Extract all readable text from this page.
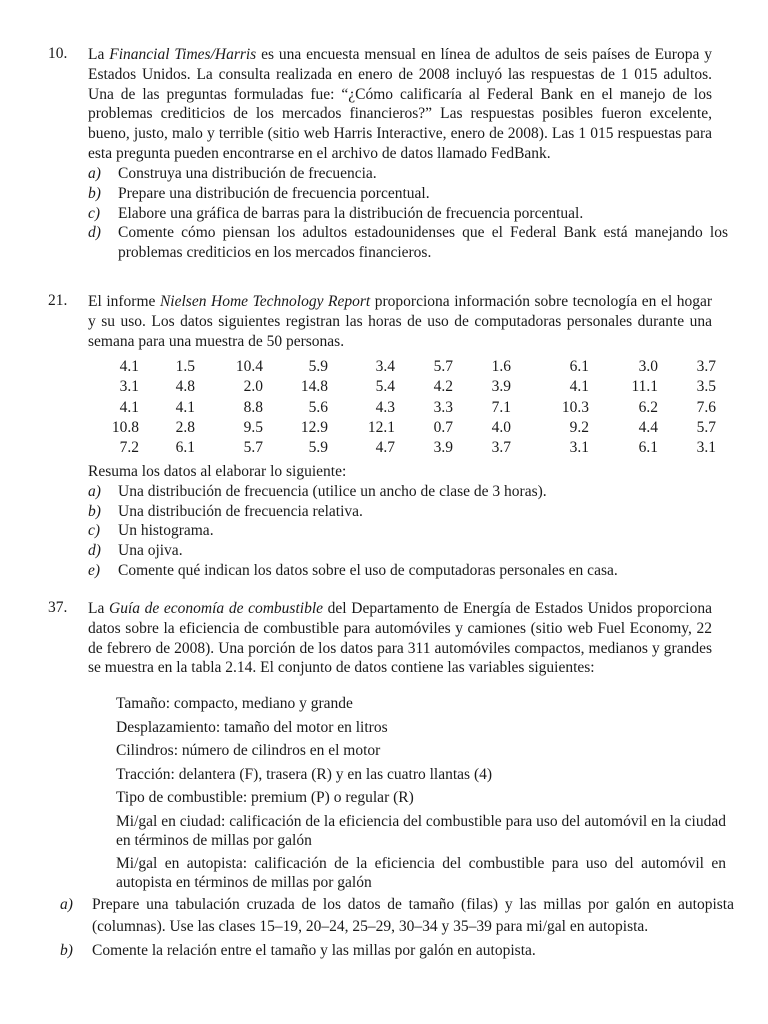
10. La Financial Times/Harris es una encuesta mensual en línea de adultos de seis países de Europa y Estados Unidos. La consulta realizada en enero de 2008 incluyó las respuestas de 1 015 adultos. Una de las preguntas formuladas fue: “¿Cómo calificaría al Federal Bank en el manejo de los problemas crediticios de los mercados financieros?” Las respuestas posibles fueron excelente, bueno, justo, malo y terrible (sitio web Harris Interactive, enero de 2008). Las 1 015 respuestas para esta pregunta pueden encontrarse en el archivo de datos llamado FedBank.
a) Construya una distribución de frecuencia.
b) Prepare una distribución de frecuencia porcentual.
c) Elabore una gráfica de barras para la distribución de frecuencia porcentual.
d) Comente cómo piensan los adultos estadounidenses que el Federal Bank está manejando los problemas crediticios en los mercados financieros.
21. El informe Nielsen Home Technology Report proporciona información sobre tecnología en el hogar y su uso. Los datos siguientes registran las horas de uso de computadoras personales durante una semana para una muestra de 50 personas.
4.1	1.5	10.4	5.9	3.4	5.7	1.6	6.1	3.0	3.7
3.1	4.8	2.0	14.8	5.4	4.2	3.9	4.1	11.1	3.5
4.1	4.1	8.8	5.6	4.3	3.3	7.1	10.3	6.2	7.6
10.8	2.8	9.5	12.9	12.1	0.7	4.0	9.2	4.4	5.7
7.2	6.1	5.7	5.9	4.7	3.9	3.7	3.1	6.1	3.1
Resuma los datos al elaborar lo siguiente:
a) Una distribución de frecuencia (utilice un ancho de clase de 3 horas).
b) Una distribución de frecuencia relativa.
c) Un histograma.
d) Una ojiva.
e) Comente qué indican los datos sobre el uso de computadoras personales en casa.
37. La Guía de economía de combustible del Departamento de Energía de Estados Unidos proporciona datos sobre la eficiencia de combustible para automóviles y camiones (sitio web Fuel Economy, 22 de febrero de 2008). Una porción de los datos para 311 automóviles compactos, medianos y grandes se muestra en la tabla 2.14. El conjunto de datos contiene las variables siguientes:
Tamaño: compacto, mediano y grande
Desplazamiento: tamaño del motor en litros
Cilindros: número de cilindros en el motor
Tracción: delantera (F), trasera (R) y en las cuatro llantas (4)
Tipo de combustible: premium (P) o regular (R)
Mi/gal en ciudad: calificación de la eficiencia del combustible para uso del automóvil en la ciudad en términos de millas por galón
Mi/gal en autopista: calificación de la eficiencia del combustible para uso del automóvil en autopista en términos de millas por galón
a) Prepare una tabulación cruzada de los datos de tamaño (filas) y las millas por galón en autopista (columnas). Use las clases 15–19, 20–24, 25–29, 30–34 y 35–39 para mi/gal en autopista.
b) Comente la relación entre el tamaño y las millas por galón en autopista.
